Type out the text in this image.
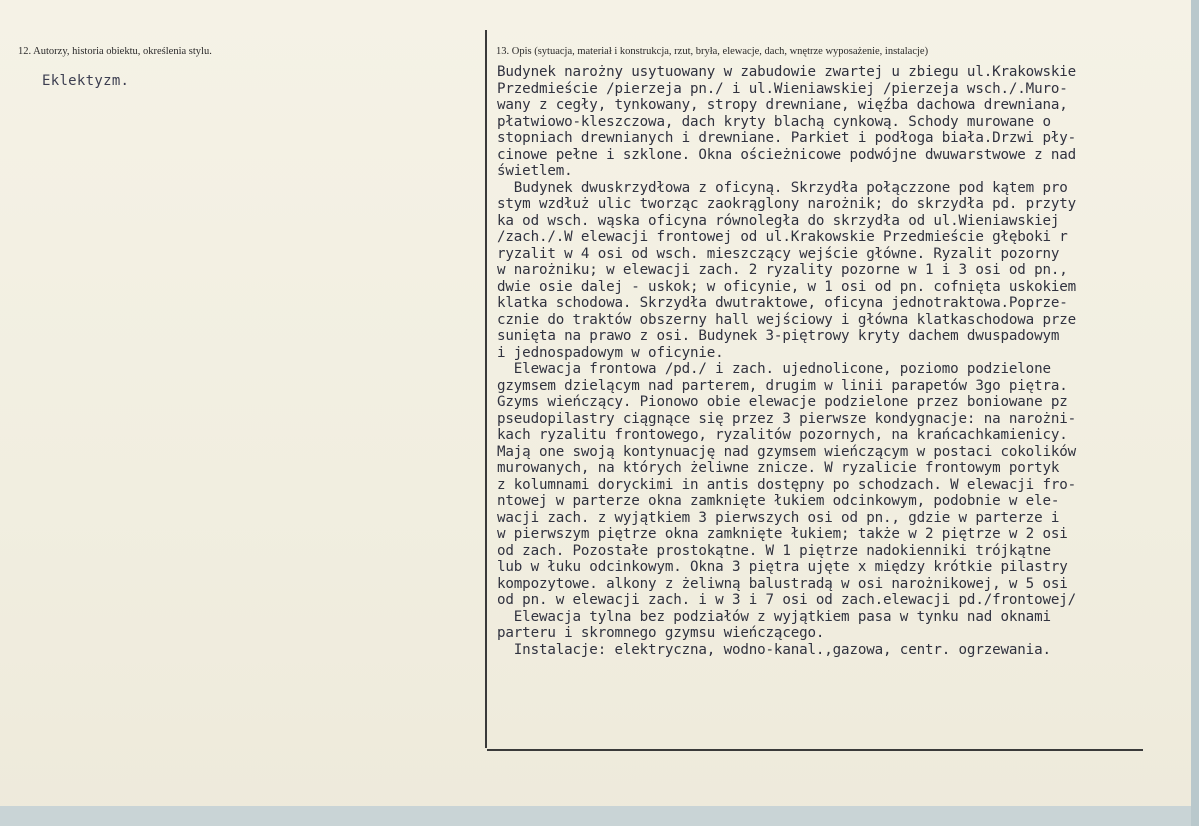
12. Autorzy, historia obiektu, określenia stylu.
Eklektyzm.
13. Opis (sytuacja, materiał i konstrukcja, rzut, bryła, elewacje, dach, wnętrze wyposażenie, instalacje)
Budynek narożny usytuowany w zabudowie zwartej u zbiegu ul.Krakowskie
Przedmieście /pierzeja pn./ i ul.Wieniawskiej /pierzeja wsch./.Muro-
wany z cegły, tynkowany, stropy drewniane, więźba dachowa drewniana,
płatwiowo-kleszczowa, dach kryty blachą cynkową. Schody murowane o
stopniach drewnianych i drewniane. Parkiet i podłoga biała.Drzwi pły-
cinowe pełne i szklone. Okna ościeżnicowe podwójne dwuwarstwowe z nad
świetlem.
Budynek dwuskrzydłowa z oficyną. Skrzydła połączzone pod kątem pro
stym wzdłuż ulic tworząc zaokrąglony narożnik; do skrzydła pd. przyty
ka od wsch. wąska oficyna równoległa do skrzydła od ul.Wieniawskiej
/zach./.W elewacji frontowej od ul.Krakowskie Przedmieście głęboki r
ryzalit w 4 osi od wsch. mieszczący wejście główne. Ryzalit pozorny
w narożniku; w elewacji zach. 2 ryzality pozorne w 1 i 3 osi od pn.,
dwie osie dalej - uskok; w oficynie, w 1 osi od pn. cofnięta uskokiem
klatka schodowa. Skrzydła dwutraktowe, oficyna jednotraktowa.Poprze-
cznie do traktów obszerny hall wejściowy i główna klatkaschodowa prze
sunięta na prawo z osi. Budynek 3-piętrowy kryty dachem dwuspadowym
i jednospadowym w oficynie.
Elewacja frontowa /pd./ i zach. ujednolicone, poziomo podzielone
gzymsem dzielącym nad parterem, drugim w linii parapetów 3go piętra.
Gzyms wieńczący. Pionowo obie elewacje podzielone przez boniowane pz
pseudopilastry ciągnące się przez 3 pierwsze kondygnacje: na narożni-
kach ryzalitu frontowego, ryzalitów pozornych, na krańcachkamienicy.
Mają one swoją kontynuację nad gzymsem wieńczącym w postaci cokolików
murowanych, na których żeliwne znicze. W ryzalicie frontowym portyk
z kolumnami doryckimi in antis dostępny po schodzach. W elewacji fro-
ntowej w parterze okna zamknięte łukiem odcinkowym, podobnie w ele-
wacji zach. z wyjątkiem 3 pierwszych osi od pn., gdzie w parterze i
w pierwszym piętrze okna zamknięte łukiem; także w 2 piętrze w 2 osi
od zach. Pozostałe prostokątne. W 1 piętrze nadokienniki trójkątne
lub w łuku odcinkowym. Okna 3 piętra ujęte x między krótkie pilastry
kompozytowe. alkony z żeliwną balustradą w osi narożnikowej, w 5 osi
od pn. w elewacji zach. i w 3 i 7 osi od zach.elewacji pd./frontowej/
Elewacja tylna bez podziałów z wyjątkiem pasa w tynku nad oknami
parteru i skromnego gzymsu wieńczącego.
Instalacje: elektryczna, wodno-kanal.,gazowa, centr. ogrzewania.
